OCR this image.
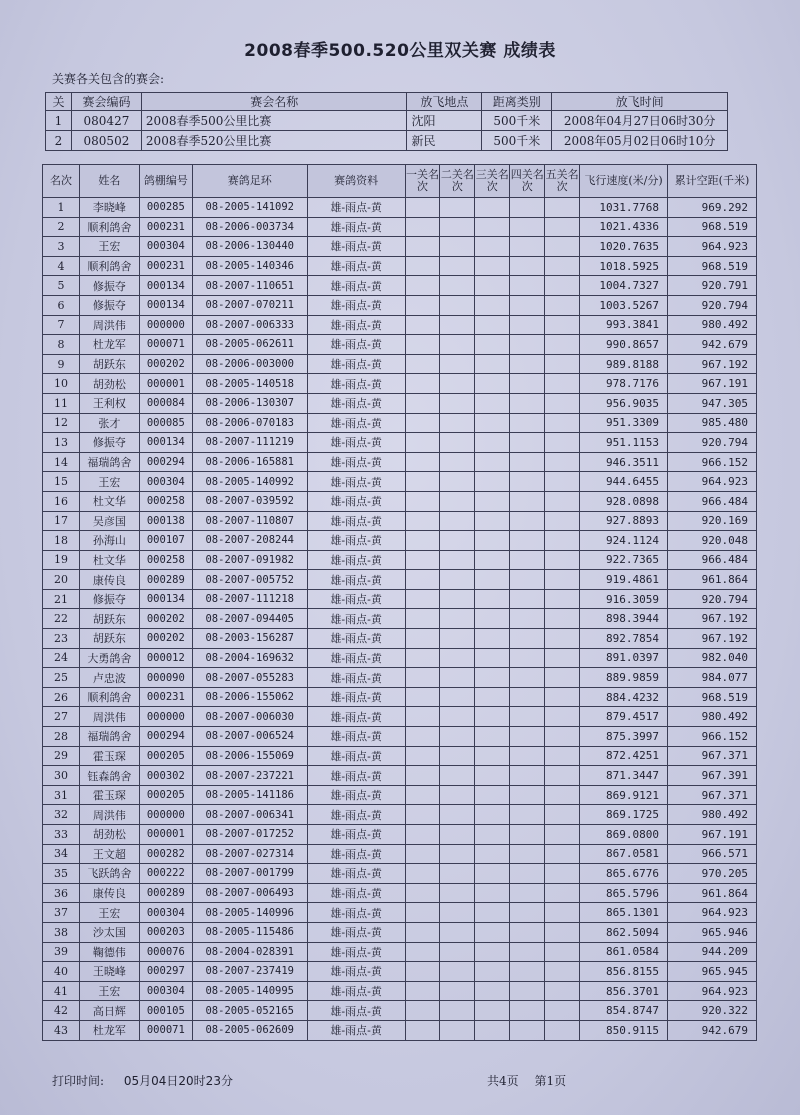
2008春季500.520公里双关赛 成绩表
关赛各关包含的赛会:
关	赛会编码	赛会名称	放飞地点	距离类别	放飞时间
1	080427	2008春季500公里比赛	沈阳	500千米	2008年04月27日06时30分
2	080502	2008春季520公里比赛	新民	500千米	2008年05月02日06时10分
名次	姓名	鸽棚编号	赛鸽足环	赛鸽资料	一关名次	二关名次	三关名次	四关名次	五关名次	飞行速度(米/分)	累计空距(千米)
1	李晓峰	000285	08-2005-141092	雄-雨点-黄						1031.7768	969.292
2	顺利鸽舍	000231	08-2006-003734	雄-雨点-黄						1021.4336	968.519
3	王宏	000304	08-2006-130440	雄-雨点-黄						1020.7635	964.923
4	顺利鸽舍	000231	08-2005-140346	雄-雨点-黄						1018.5925	968.519
5	修振夺	000134	08-2007-110651	雄-雨点-黄						1004.7327	920.791
6	修振夺	000134	08-2007-070211	雄-雨点-黄						1003.5267	920.794
7	周洪伟	000000	08-2007-006333	雄-雨点-黄						993.3841	980.492
8	杜龙军	000071	08-2005-062611	雄-雨点-黄						990.8657	942.679
9	胡跃东	000202	08-2006-003000	雄-雨点-黄						989.8188	967.192
10	胡劲松	000001	08-2005-140518	雄-雨点-黄						978.7176	967.191
11	王利权	000084	08-2006-130307	雄-雨点-黄						956.9035	947.305
12	张才	000085	08-2006-070183	雄-雨点-黄						951.3309	985.480
13	修振夺	000134	08-2007-111219	雄-雨点-黄						951.1153	920.794
14	福瑞鸽舍	000294	08-2006-165881	雄-雨点-黄						946.3511	966.152
15	王宏	000304	08-2005-140992	雄-雨点-黄						944.6455	964.923
16	杜文华	000258	08-2007-039592	雄-雨点-黄						928.0898	966.484
17	吴彦国	000138	08-2007-110807	雄-雨点-黄						927.8893	920.169
18	孙海山	000107	08-2007-208244	雄-雨点-黄						924.1124	920.048
19	杜文华	000258	08-2007-091982	雄-雨点-黄						922.7365	966.484
20	康传良	000289	08-2007-005752	雄-雨点-黄						919.4861	961.864
21	修振夺	000134	08-2007-111218	雄-雨点-黄						916.3059	920.794
22	胡跃东	000202	08-2007-094405	雄-雨点-黄						898.3944	967.192
23	胡跃东	000202	08-2003-156287	雄-雨点-黄						892.7854	967.192
24	大勇鸽舍	000012	08-2004-169632	雄-雨点-黄						891.0397	982.040
25	卢忠波	000090	08-2007-055283	雄-雨点-黄						889.9859	984.077
26	顺利鸽舍	000231	08-2006-155062	雄-雨点-黄						884.4232	968.519
27	周洪伟	000000	08-2007-006030	雄-雨点-黄						879.4517	980.492
28	福瑞鸽舍	000294	08-2007-006524	雄-雨点-黄						875.3997	966.152
29	霍玉琛	000205	08-2006-155069	雄-雨点-黄						872.4251	967.371
30	钰森鸽舍	000302	08-2007-237221	雄-雨点-黄						871.3447	967.391
31	霍玉琛	000205	08-2005-141186	雄-雨点-黄						869.9121	967.371
32	周洪伟	000000	08-2007-006341	雄-雨点-黄						869.1725	980.492
33	胡劲松	000001	08-2007-017252	雄-雨点-黄						869.0800	967.191
34	王文超	000282	08-2007-027314	雄-雨点-黄						867.0581	966.571
35	飞跃鸽舍	000222	08-2007-001799	雄-雨点-黄						865.6776	970.205
36	康传良	000289	08-2007-006493	雄-雨点-黄						865.5796	961.864
37	王宏	000304	08-2005-140996	雄-雨点-黄						865.1301	964.923
38	沙太国	000203	08-2005-115486	雄-雨点-黄						862.5094	965.946
39	鞠德伟	000076	08-2004-028391	雄-雨点-黄						861.0584	944.209
40	王晓峰	000297	08-2007-237419	雄-雨点-黄						856.8155	965.945
41	王宏	000304	08-2005-140995	雄-雨点-黄						856.3701	964.923
42	高日辉	000105	08-2005-052165	雄-雨点-黄						854.8747	920.322
43	杜龙军	000071	08-2005-062609	雄-雨点-黄						850.9115	942.679
打印时间: 05月04日20时23分	共4页 第1页
